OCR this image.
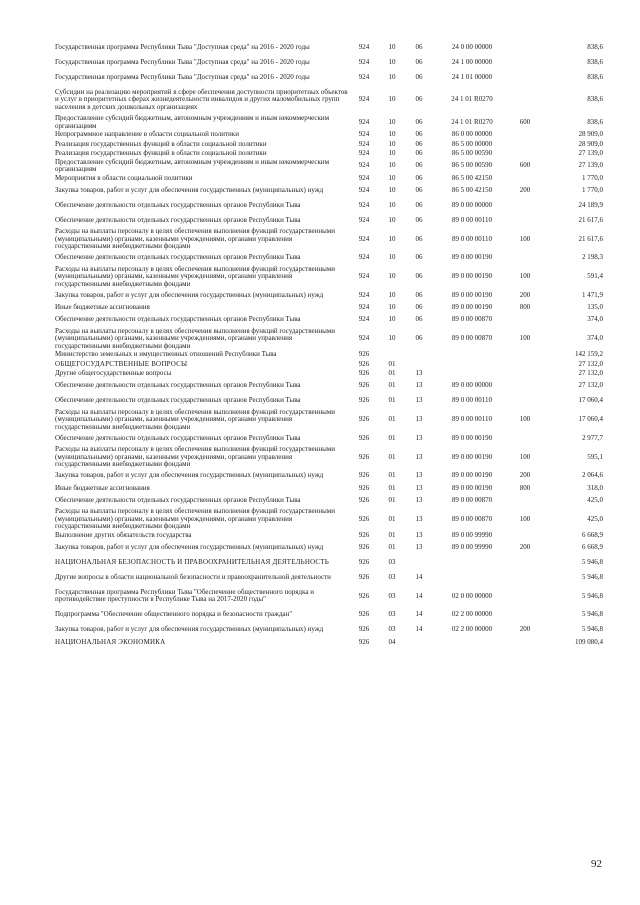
Государственная программа Республики Тыва "Доступная среда" на 2016 - 2020 годы	924	10	06	24 0 00 00000		838,6
Государственная программа Республики Тыва "Доступная среда" на 2016 - 2020 годы	924	10	06	24 1 00 00000		838,6
Государственная программа Республики Тыва "Доступная среда" на 2016 - 2020 годы	924	10	06	24 1 01 00000		838,6
Субсидии на реализацию мероприятий в сфере обеспечения доступности приоритетных объектов и услуг в приоритетных сферах жизнедеятельности инвалидов и других маломобильных групп населения в детских дошкольных организациях	924	10	06	24 1 01 R0270		838,6
Предоставление субсидий бюджетным, автономным учреждениям и иным некоммерческим организациям	924	10	06	24 1 01 R0270	600	838,6
Непрограммное направление в области социальной политики	924	10	06	86 0 00 00000		28 909,0
Реализация государственных функций в области социальной политики	924	10	06	86 5 00 00000		28 909,0
Реализация государственных функций в области социальной политики	924	10	06	86 5 00 00590		27 139,0
Предоставление субсидий бюджетным, автономным учреждениям и иным некоммерческим организациям	924	10	06	86 5 00 00590	600	27 139,0
Мероприятия в области социальной политики	924	10	06	86 5 00 42150		1 770,0
Закупка товаров, работ и услуг для обеспечения государственных (муниципальных) нужд	924	10	06	86 5 00 42150	200	1 770,0
Обеспечение деятельности отдельных государственных органов Республики Тыва	924	10	06	89 0 00 00000		24 189,9
Обеспечение деятельности отдельных государственных органов Республики Тыва	924	10	06	89 0 00 00110		21 617,6
Расходы на выплаты персоналу в целях обеспечения выполнения функций государственными (муниципальными) органами, казенными учреждениями, органами управления государственными внебюджетными фондами	924	10	06	89 0 00 00110	100	21 617,6
Обеспечение деятельности отдельных государственных органов Республики Тыва	924	10	06	89 0 00 00190		2 198,3
Расходы на выплаты персоналу в целях обеспечения выполнения функций государственными (муниципальными) органами, казенными учреждениями, органами управления государственными внебюджетными фондами	924	10	06	89 0 00 00190	100	591,4
Закупка товаров, работ и услуг для обеспечения государственных (муниципальных) нужд	924	10	06	89 0 00 00190	200	1 471,9
Иные бюджетные ассигнования	924	10	06	89 0 00 00190	800	135,0
Обеспечение деятельности отдельных государственных органов Республики Тыва	924	10	06	89 0 00 00870		374,0
Расходы на выплаты персоналу в целях обеспечения выполнения функций государственными (муниципальными) органами, казенными учреждениями, органами управления государственными внебюджетными фондами	924	10	06	89 0 00 00870	100	374,0
Министерство земельных и имущественных отношений Республики Тыва	926					142 159,2
ОБЩЕГОСУДАРСТВЕННЫЕ ВОПРОСЫ	926	01				27 132,0
Другие общегосударственные вопросы	926	01	13			27 132,0
Обеспечение деятельности отдельных государственных органов Республики Тыва	926	01	13	89 0 00 00000		27 132,0
Обеспечение деятельности отдельных государственных органов Республики Тыва	926	01	13	89 0 00 00110		17 060,4
Расходы на выплаты персоналу в целях обеспечения выполнения функций государственными (муниципальными) органами, казенными учреждениями, органами управления государственными внебюджетными фондами	926	01	13	89 0 00 00110	100	17 060,4
Обеспечение деятельности отдельных государственных органов Республики Тыва	926	01	13	89 0 00 00190		2 977,7
Расходы на выплаты персоналу в целях обеспечения выполнения функций государственными (муниципальными) органами, казенными учреждениями, органами управления государственными внебюджетными фондами	926	01	13	89 0 00 00190	100	595,1
Закупка товаров, работ и услуг для обеспечения государственных (муниципальных) нужд	926	01	13	89 0 00 00190	200	2 064,6
Иные бюджетные ассигнования	926	01	13	89 0 00 00190	800	318,0
Обеспечение деятельности отдельных государственных органов Республики Тыва	926	01	13	89 0 00 00870		425,0
Расходы на выплаты персоналу в целях обеспечения выполнения функций государственными (муниципальными) органами, казенными учреждениями, органами управления государственными внебюджетными фондами	926	01	13	89 0 00 00870	100	425,0
Выполнение других обязательств государства	926	01	13	89 0 00 99990		6 668,9
Закупка товаров, работ и услуг для обеспечения государственных (муниципальных) нужд	926	01	13	89 0 00 99990	200	6 668,9
НАЦИОНАЛЬНАЯ БЕЗОПАСНОСТЬ И ПРАВООХРАНИТЕЛЬНАЯ ДЕЯТЕЛЬНОСТЬ	926	03				5 946,8
Другие вопросы в области национальной безопасности и правоохранительной деятельности	926	03	14			5 946,8
Государственная программа Республики Тыва "Обеспечение общественного порядка и противодействие преступности в Республике Тыва на 2017-2020 годы"	926	03	14	02 0 00 00000		5 946,8
Подпрограмма "Обеспечение общественного порядка и безопасности граждан"	926	03	14	02 2 00 00000		5 946,8
Закупка товаров, работ и услуг для обеспечения государственных (муниципальных) нужд	926	03	14	02 2 00 00000	200	5 946,8
НАЦИОНАЛЬНАЯ ЭКОНОМИКА	926	04				109 080,4
92
